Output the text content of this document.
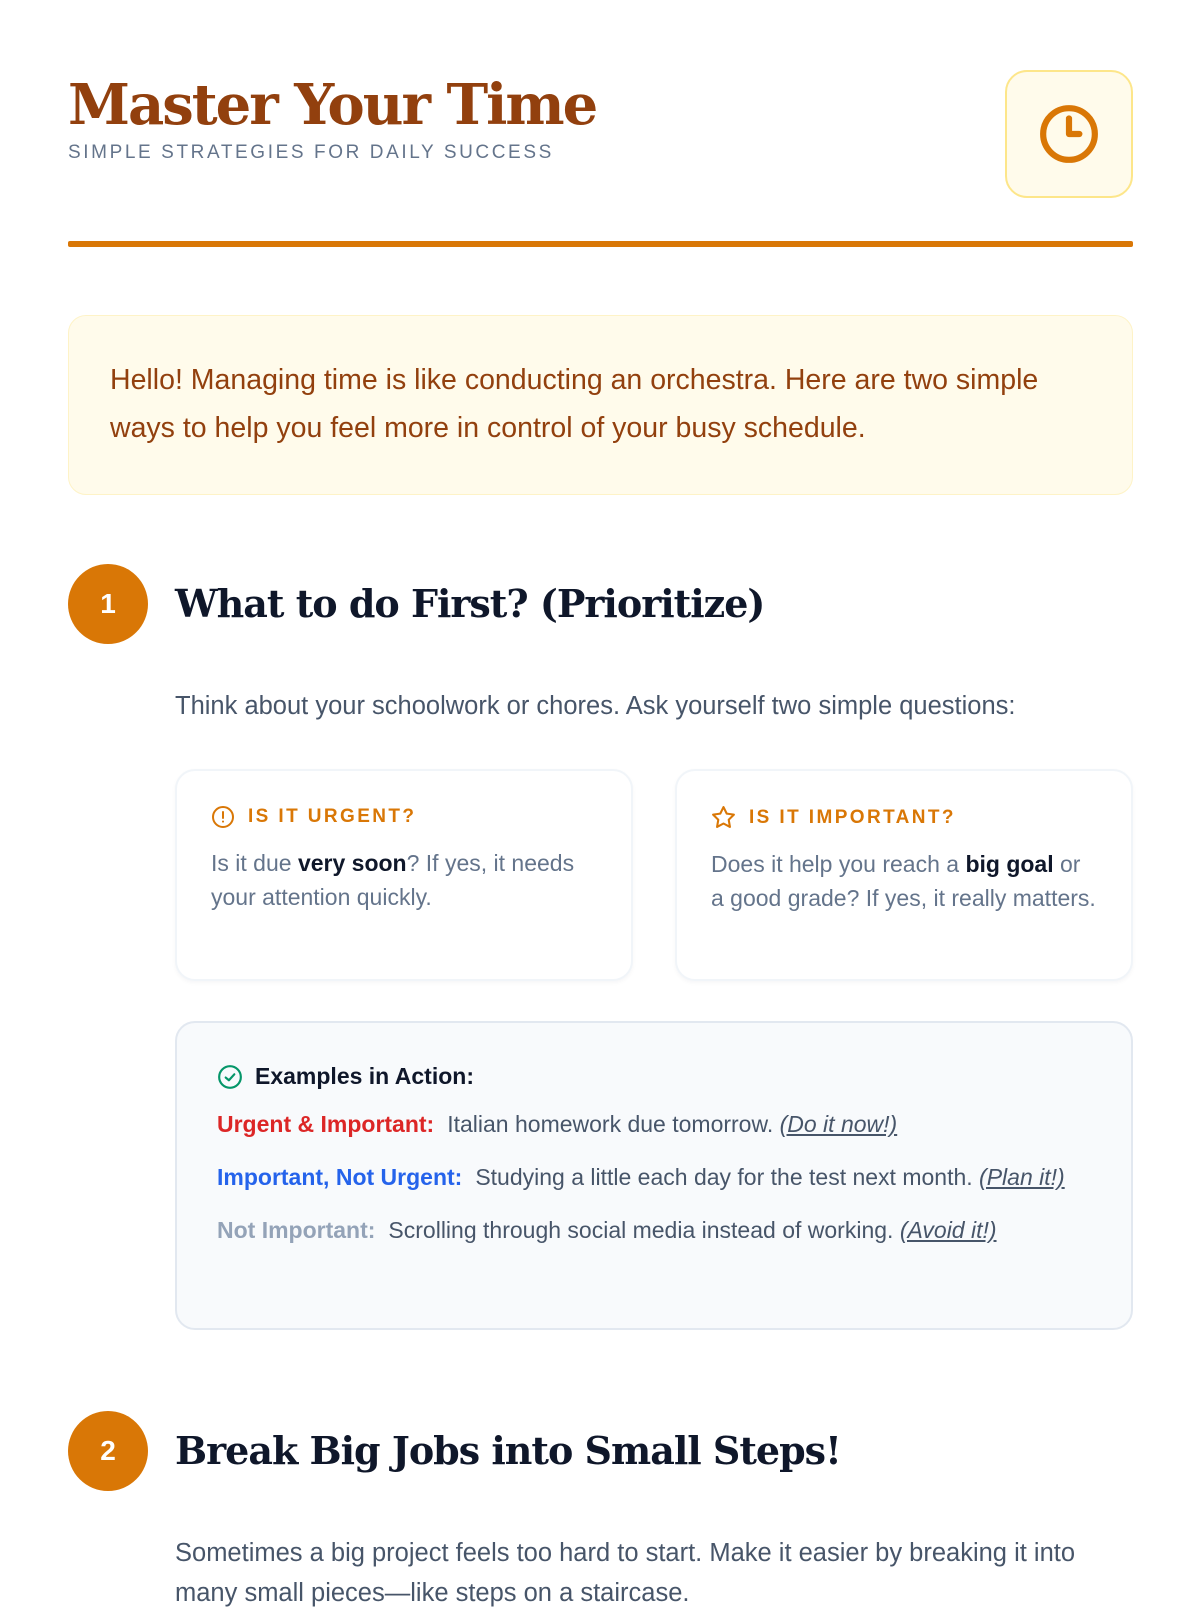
Master Your Time
SIMPLE STRATEGIES FOR DAILY SUCCESS
Hello! Managing time is like conducting an orchestra. Here are two simple ways to help you feel more in control of your busy schedule.
1	What to do First? (Prioritize)
Think about your schoolwork or chores. Ask yourself two simple questions:
IS IT URGENT?
Is it due very soon? If yes, it needs your attention quickly.
IS IT IMPORTANT?
Does it help you reach a big goal or a good grade? If yes, it really matters.
Examples in Action:
Urgent & Important: Italian homework due tomorrow. (Do it now!)
Important, Not Urgent: Studying a little each day for the test next month. (Plan it!)
Not Important: Scrolling through social media instead of working. (Avoid it!)
2	Break Big Jobs into Small Steps!
Sometimes a big project feels too hard to start. Make it easier by breaking it into many small pieces—like steps on a staircase.
